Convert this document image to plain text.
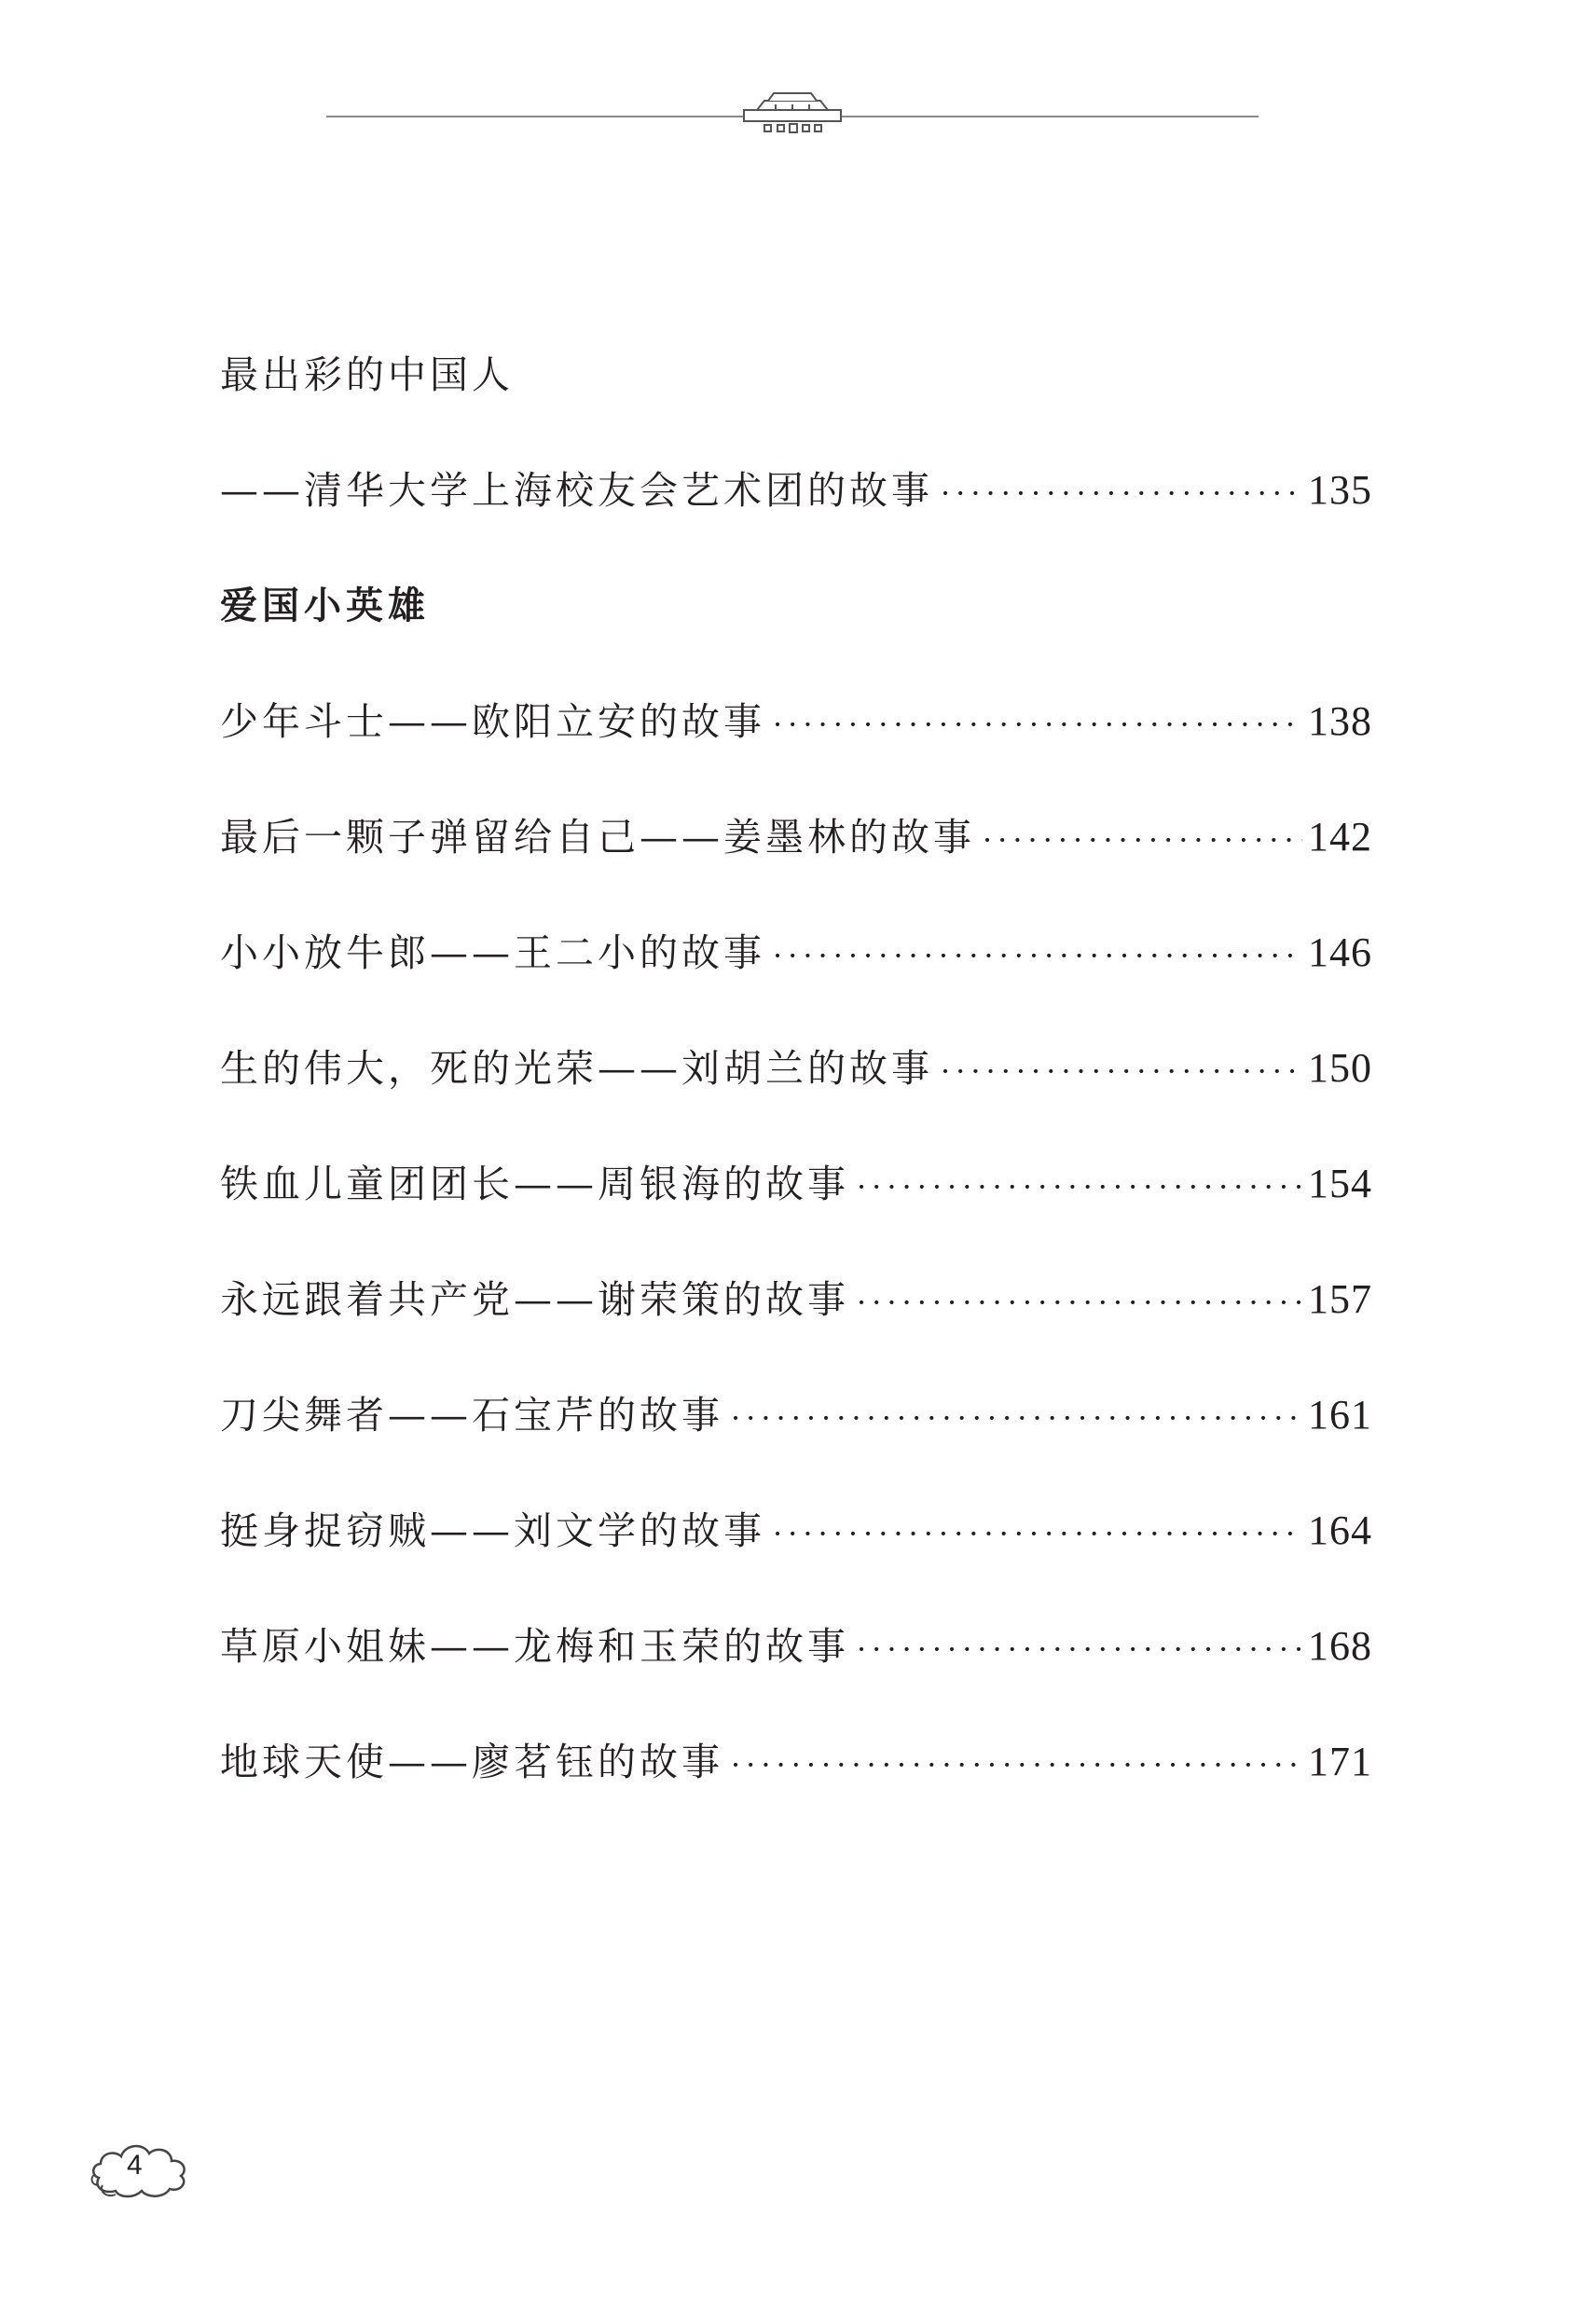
最出彩的中国人
——清华大学上海校友会艺术团的故事 ·····	135
爱国小英雄
少年斗士——欧阳立安的故事 ·····	138
最后一颗子弹留给自己——姜墨林的故事 ·····	142
小小放牛郎——王二小的故事 ·····	146
生的伟大，死的光荣——刘胡兰的故事 ·····	150
铁血儿童团团长——周银海的故事 ·····	154
永远跟着共产党——谢荣策的故事 ·····	157
刀尖舞者——石宝芹的故事 ·····	161
挺身捉窃贼——刘文学的故事 ·····	164
草原小姐妹——龙梅和玉荣的故事 ·····	168
地球天使——廖茗钰的故事 ·····	171
4
